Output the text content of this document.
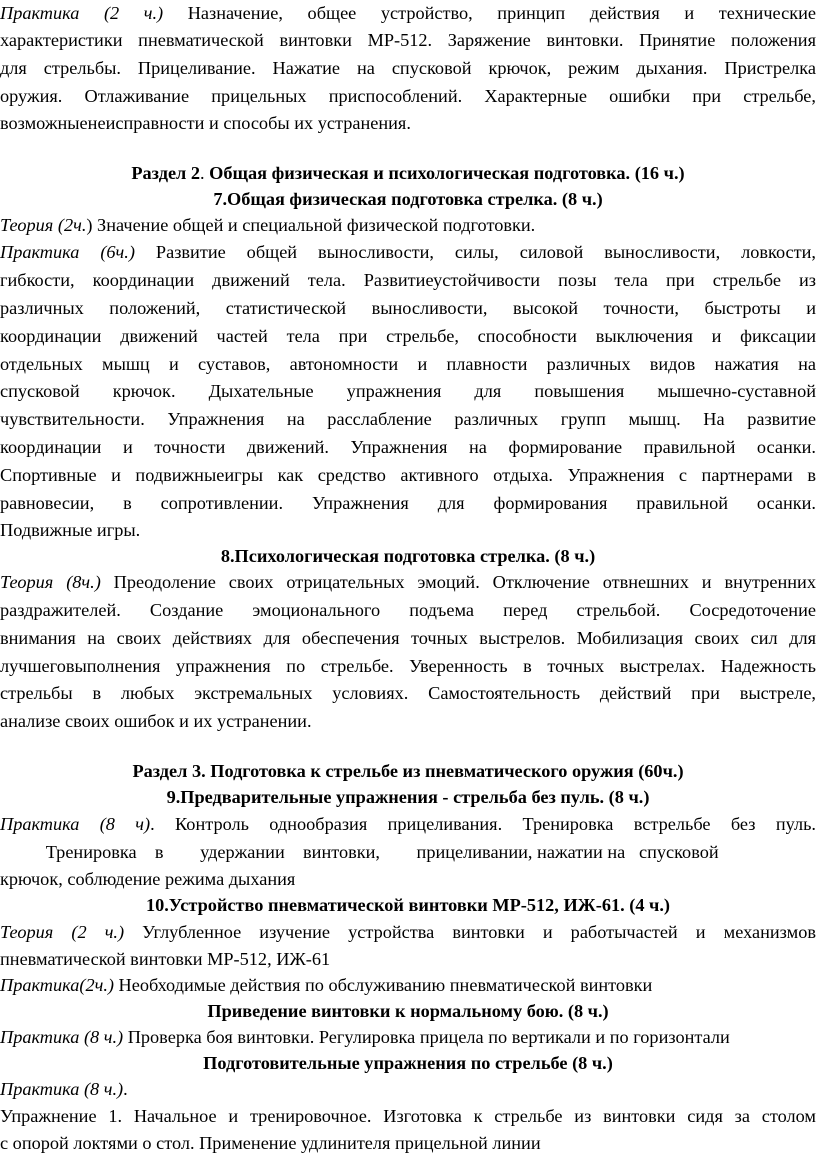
Практика (2 ч.) Назначение, общее устройство, принцип действия и технические
характеристики пневматической винтовки МР-512. Заряжение винтовки. Принятие положения
для стрельбы. Прицеливание. Нажатие на спусковой крючок, режим дыхания. Пристрелка
оружия. Отлаживание прицельных приспособлений. Характерные ошибки при стрельбе,
возможныенеисправности и способы их устранения.
Раздел 2. Общая физическая и психологическая подготовка. (16 ч.)
7.Общая физическая подготовка стрелка. (8 ч.)
Теория (2ч.) Значение общей и специальной физической подготовки.
Практика (6ч.) Развитие общей выносливости, силы, силовой выносливости, ловкости,
гибкости, координации движений тела. Развитиеустойчивости позы тела при стрельбе из
различных положений, статистической выносливости, высокой точности, быстроты и
координации движений частей тела при стрельбе, способности выключения и фиксации
отдельных мышц и суставов, автономности и плавности различных видов нажатия на
спусковой крючок. Дыхательные упражнения для повышения мышечно-суставной
чувствительности. Упражнения на расслабление различных групп мышц. На развитие
координации и точности движений. Упражнения на формирование правильной осанки.
Спортивные и подвижныеигры как средство активного отдыха. Упражнения с партнерами в
равновесии, в сопротивлении. Упражнения для формирования правильной осанки.
Подвижные игры.
8.Психологическая подготовка стрелка. (8 ч.)
Теория (8ч.) Преодоление своих отрицательных эмоций. Отключение отвнешних и внутренних
раздражителей. Создание эмоционального подъема перед стрельбой. Сосредоточение
внимания на своих действиях для обеспечения точных выстрелов. Мобилизация своих сил для
лучшеговыполнения упражнения по стрельбе. Уверенность в точных выстрелах. Надежность
стрельбы в любых экстремальных условиях. Самостоятельность действий при выстреле,
анализе своих ошибок и их устранении.
Раздел 3. Подготовка к стрельбе из пневматического оружия (60ч.)
9.Предварительные упражнения - стрельба без пуль. (8 ч.)
Практика (8 ч). Контроль однообразия прицеливания. Тренировка встрельбе без пуль.
Тренировка    в        удержании    винтовки,        прицеливании, нажатии на   спусковой
крючок, соблюдение режима дыхания
10.Устройство пневматической винтовки МР-512, ИЖ-61. (4 ч.)
Теория (2 ч.) Углубленное изучение устройства винтовки и работычастей и механизмов
пневматической винтовки МР-512, ИЖ-61
Практика(2ч.) Необходимые действия по обслуживанию пневматической винтовки
Приведение винтовки к нормальному бою. (8 ч.)
Практика (8 ч.) Проверка боя винтовки. Регулировка прицела по вертикали и по горизонтали
Подготовительные упражнения по стрельбе (8 ч.)
Практика (8 ч.).
Упражнение 1. Начальное и тренировочное. Изготовка к стрельбе из винтовки сидя за столом
с опорой локтями о стол. Применение удлинителя прицельной линии
